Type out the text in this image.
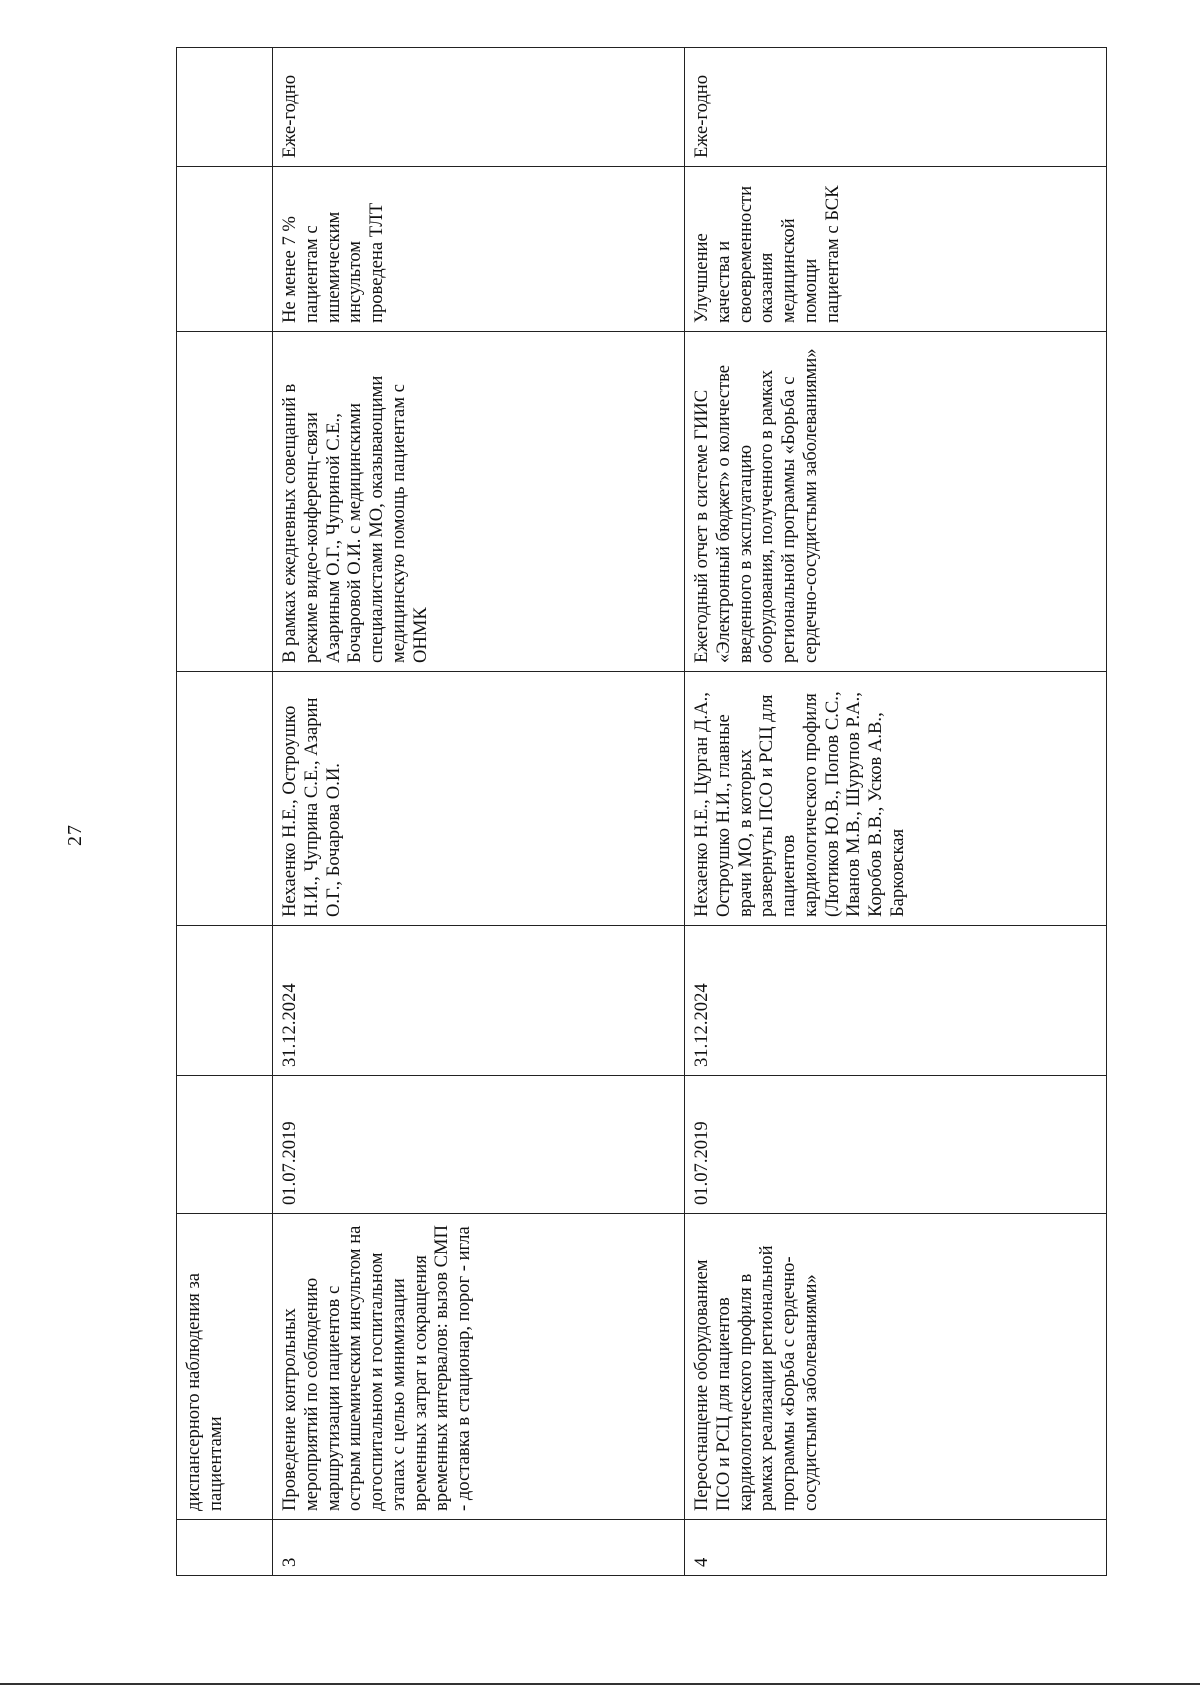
27
	диспансерного наблюдения за пациентами						
3	Проведение контрольных мероприятий по соблюдению маршрутизации пациентов с острым ишемическим инсультом на догоспитальном и госпитальном этапах с целью минимизации временных затрат и сокращения временных интервалов: вызов СМП - доставка в стационар, порог - игла	01.07.2019	31.12.2024	Нехаенко Н.Е., Остроушко Н.И., Чуприна С.Е., Азарин О.Г., Бочарова О.И.	В рамках ежедневных совещаний в режиме видео-конференц-связи Азариным О.Г., Чуприной С.Е., Бочаровой О.И. с медицинскими специалистами МО, оказывающими медицинскую помощь пациентам с ОНМК	Не менее 7 % пациентам с ишемическим инсультом проведена ТЛТ	Еже-годно
4	Переоснащение оборудованием ПСО и РСЦ для пациентов кардиологического профиля в рамках реализации региональной программы «Борьба с сердечно-сосудистыми заболеваниями»	01.07.2019	31.12.2024	Нехаенко Н.Е., Цурган Д.А., Остроушко Н.И., главные врачи МО, в которых развернуты ПСО и РСЦ для пациентов кардиологического профиля (Лютиков Ю.В., Попов С.С., Иванов М.В., Шурупов Р.А., Коробов В.В., Усков А.В., Барковская	Ежегодный отчет в системе ГИИС «Электронный бюджет» о количестве введенного в эксплуатацию оборудования, полученного в рамках региональной программы «Борьба с сердечно-сосудистыми заболеваниями»	Улучшение качества и своевременности оказания медицинской помощи пациентам с БСК	Еже-годно
